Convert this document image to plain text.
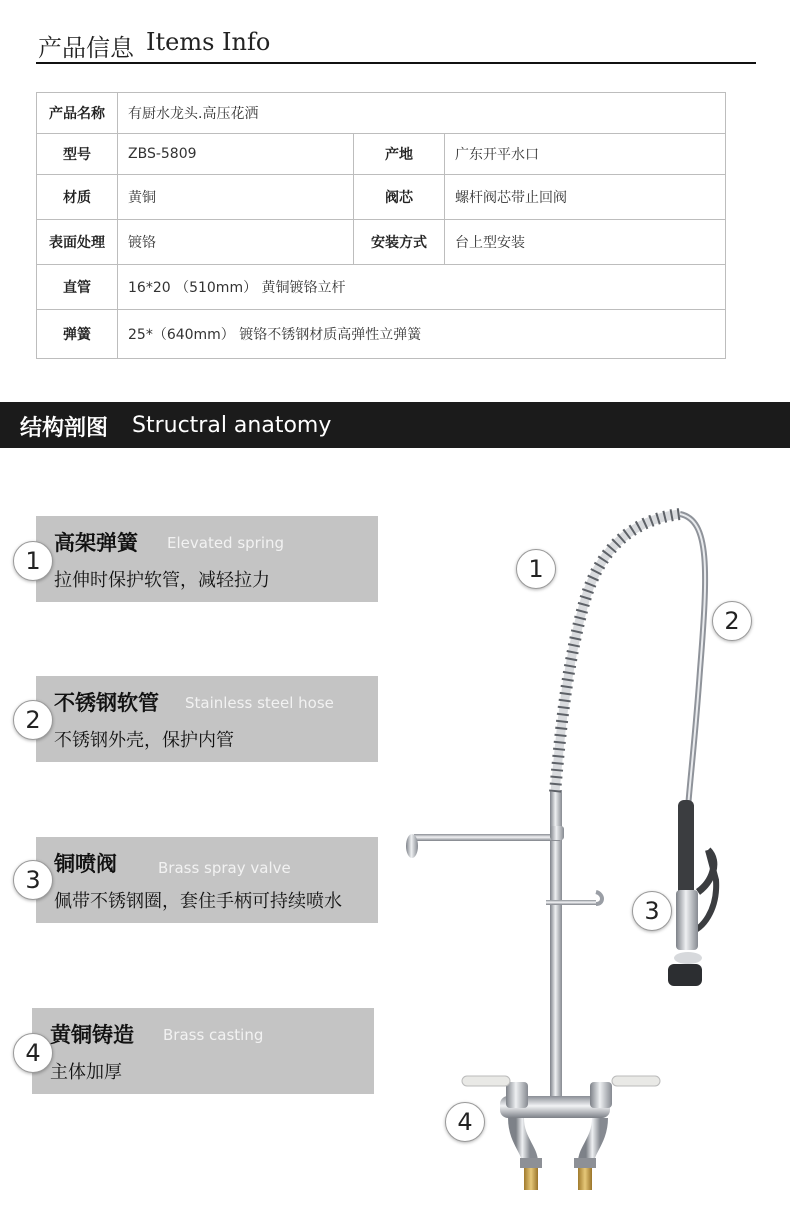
产品信息 Items Info
产品名称	有厨水龙头.高压花洒		
型号	ZBS-5809	产地	广东开平水口
材质	黄铜	阀芯	螺杆阀芯带止回阀
表面处理	镀铬	安装方式	台上型安装
直管	16*20 （510mm） 黄铜镀铬立杆		
弹簧	25*（640mm） 镀铬不锈钢材质高弹性立弹簧		
结构剖图 Structral anatomy
高架弹簧 Elevated spring
拉伸时保护软管，减轻拉力
1
不锈钢软管 Stainless steel hose
不锈钢外壳，保护内管
2
铜喷阀	Brass spray valve
佩带不锈钢圈，套住手柄可持续喷水
3
黄铜铸造 Brass casting
主体加厚
4
1
2
3
4
